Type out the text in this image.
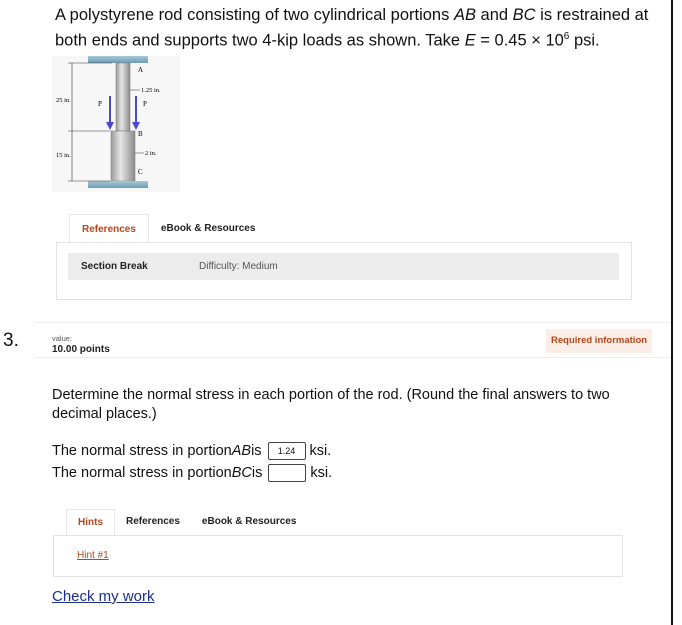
A polystyrene rod consisting of two cylindrical portions AB and BC is restrained at both ends and supports two 4-kip loads as shown. Take $E = 0.45 \times 10^6$ psi.
A
B
C
P	P
25 in.
15 in.
1.25 in.
2 in.
References	eBook & Resources
Section Break	Difficulty: Medium
3.	value:
10.00 points
Required information
Determine the normal stress in each portion of the rod. (Round the final answers to two decimal places.)
The normal stress in portion AB is	1.24 ksi.
The normal stress in portion BC is	ksi.
Hints	References	eBook & Resources
Hint #1
Check my work
